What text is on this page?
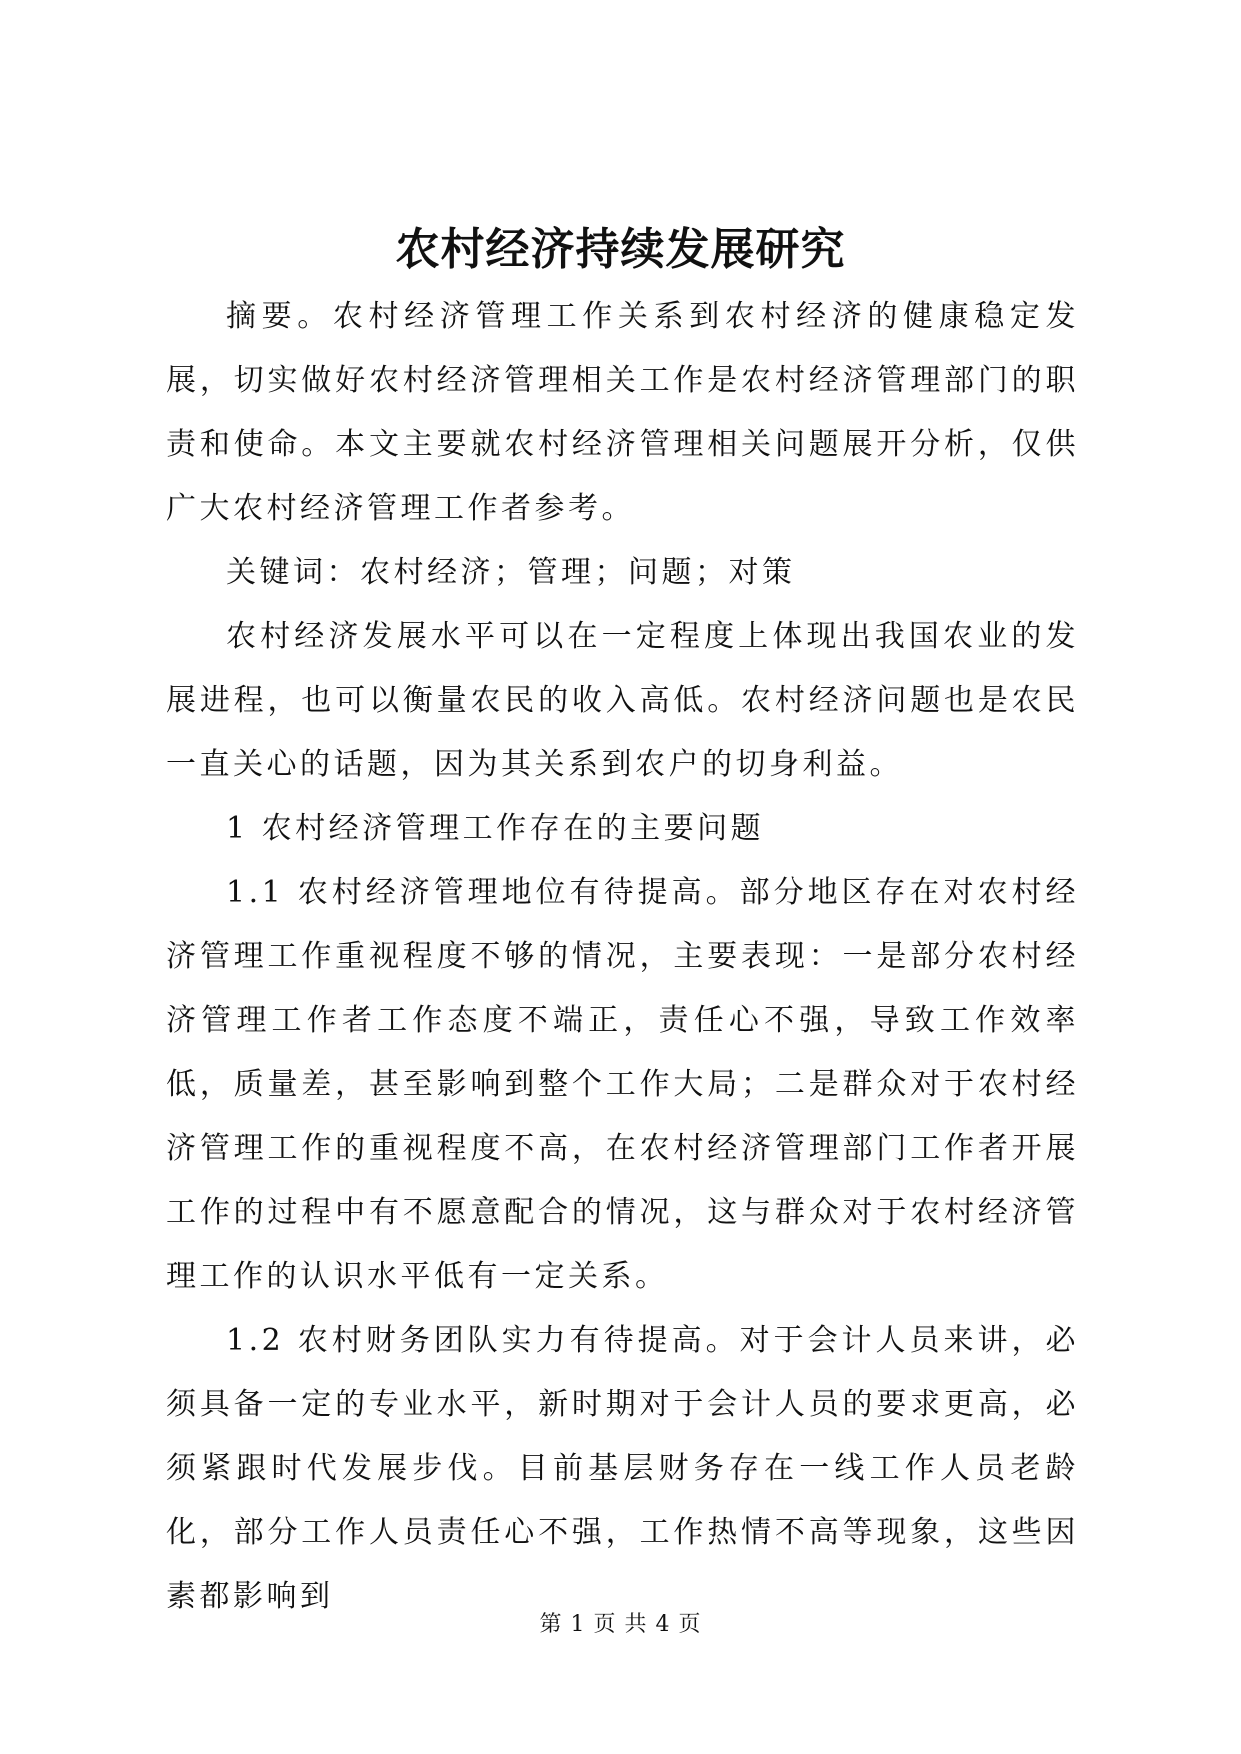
农村经济持续发展研究

摘要。农村经济管理工作关系到农村经济的健康稳定发展，切实做好农村经济管理相关工作是农村经济管理部门的职责和使命。本文主要就农村经济管理相关问题展开分析，仅供广大农村经济管理工作者参考。

关键词：农村经济；管理；问题；对策

农村经济发展水平可以在一定程度上体现出我国农业的发展进程，也可以衡量农民的收入高低。农村经济问题也是农民一直关心的话题，因为其关系到农户的切身利益。

1 农村经济管理工作存在的主要问题

1.1 农村经济管理地位有待提高。部分地区存在对农村经济管理工作重视程度不够的情况，主要表现：一是部分农村经济管理工作者工作态度不端正，责任心不强，导致工作效率低，质量差，甚至影响到整个工作大局；二是群众对于农村经济管理工作的重视程度不高，在农村经济管理部门工作者开展工作的过程中有不愿意配合的情况，这与群众对于农村经济管理工作的认识水平低有一定关系。

1.2 农村财务团队实力有待提高。对于会计人员来讲，必须具备一定的专业水平，新时期对于会计人员的要求更高，必须紧跟时代发展步伐。目前基层财务存在一线工作人员老龄化，部分工作人员责任心不强，工作热情不高等现象，这些因素都影响到

第 1 页 共 4 页
